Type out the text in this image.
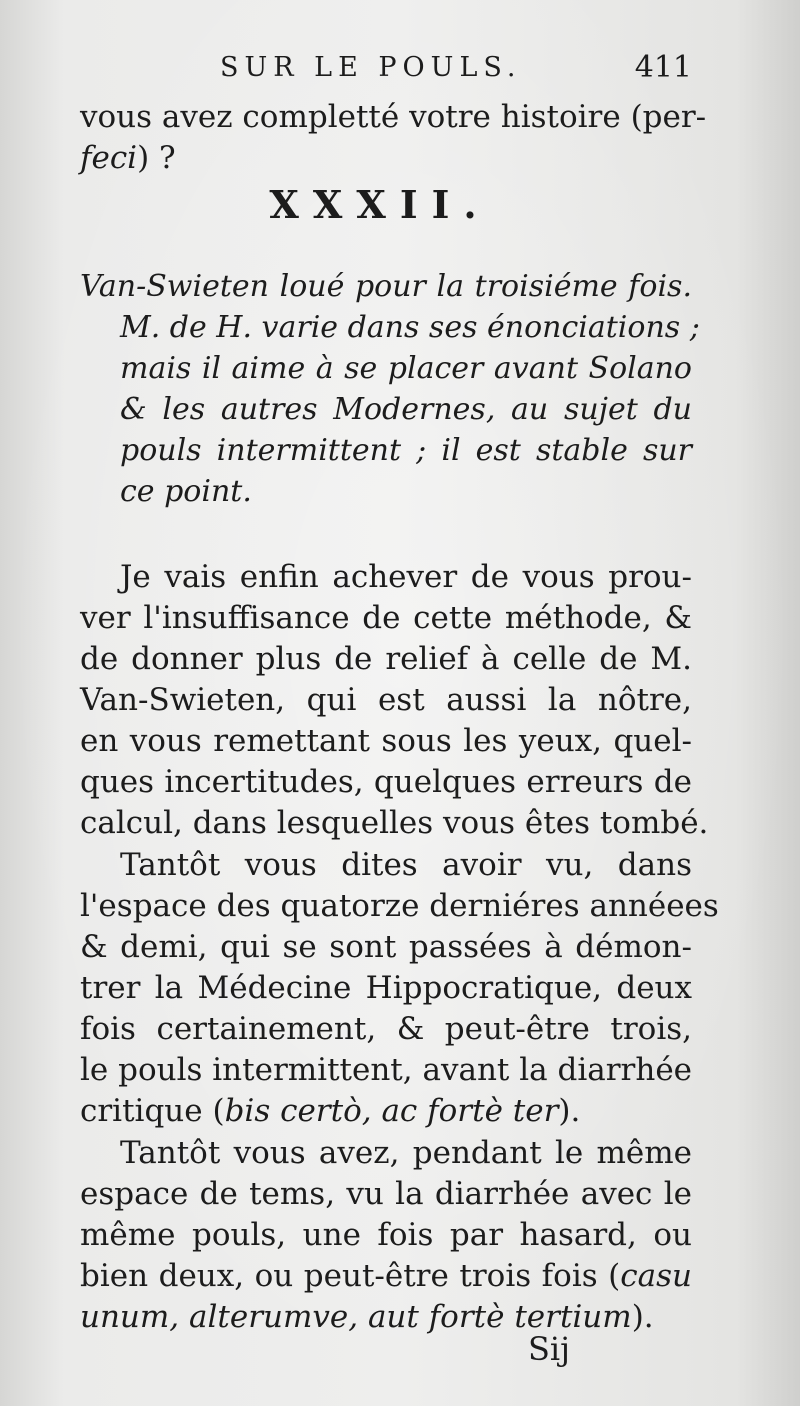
SUR LE POULS.	411
vous avez completté votre histoire (per-
feci) ?
XXXII.
Van-Swieten loué pour la troisiéme fois.
M. de H. varie dans ses énonciations ;
mais il aime à se placer avant Solano
& les autres Modernes, au sujet du
pouls intermittent ; il est stable sur
ce point.
Je vais enfin achever de vous prou-
ver l'insuffisance de cette méthode, &
de donner plus de relief à celle de M.
Van-Swieten, qui est aussi la nôtre,
en vous remettant sous les yeux, quel-
ques incertitudes, quelques erreurs de
calcul, dans lesquelles vous êtes tombé.
Tantôt vous dites avoir vu, dans
l'espace des quatorze derniéres annéees
& demi, qui se sont passées à démon-
trer la Médecine Hippocratique, deux
fois certainement, & peut-être trois,
le pouls intermittent, avant la diarrhée
critique (bis certò, ac fortè ter).
Tantôt vous avez, pendant le même
espace de tems, vu la diarrhée avec le
même pouls, une fois par hasard, ou
bien deux, ou peut-être trois fois (casu
unum, alterumve, aut fortè tertium).
Sij
